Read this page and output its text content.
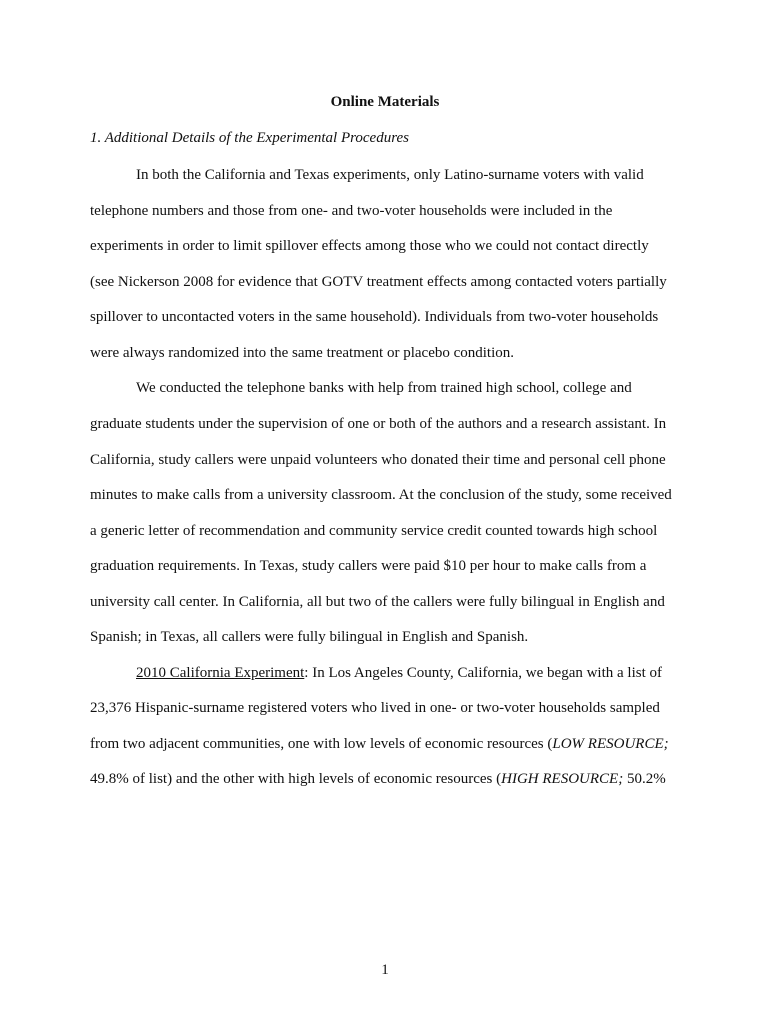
Online Materials
1. Additional Details of the Experimental Procedures
In both the California and Texas experiments, only Latino-surname voters with valid
telephone numbers and those from one- and two-voter households were included in the
experiments in order to limit spillover effects among those who we could not contact directly
(see Nickerson 2008 for evidence that GOTV treatment effects among contacted voters partially
spillover to uncontacted voters in the same household). Individuals from two-voter households
were always randomized into the same treatment or placebo condition.
We conducted the telephone banks with help from trained high school, college and
graduate students under the supervision of one or both of the authors and a research assistant. In
California, study callers were unpaid volunteers who donated their time and personal cell phone
minutes to make calls from a university classroom. At the conclusion of the study, some received
a generic letter of recommendation and community service credit counted towards high school
graduation requirements. In Texas, study callers were paid $10 per hour to make calls from a
university call center. In California, all but two of the callers were fully bilingual in English and
Spanish; in Texas, all callers were fully bilingual in English and Spanish.
2010 California Experiment: In Los Angeles County, California, we began with a list of
23,376 Hispanic-surname registered voters who lived in one- or two-voter households sampled
from two adjacent communities, one with low levels of economic resources (LOW RESOURCE;
49.8% of list) and the other with high levels of economic resources (HIGH RESOURCE; 50.2%
1
